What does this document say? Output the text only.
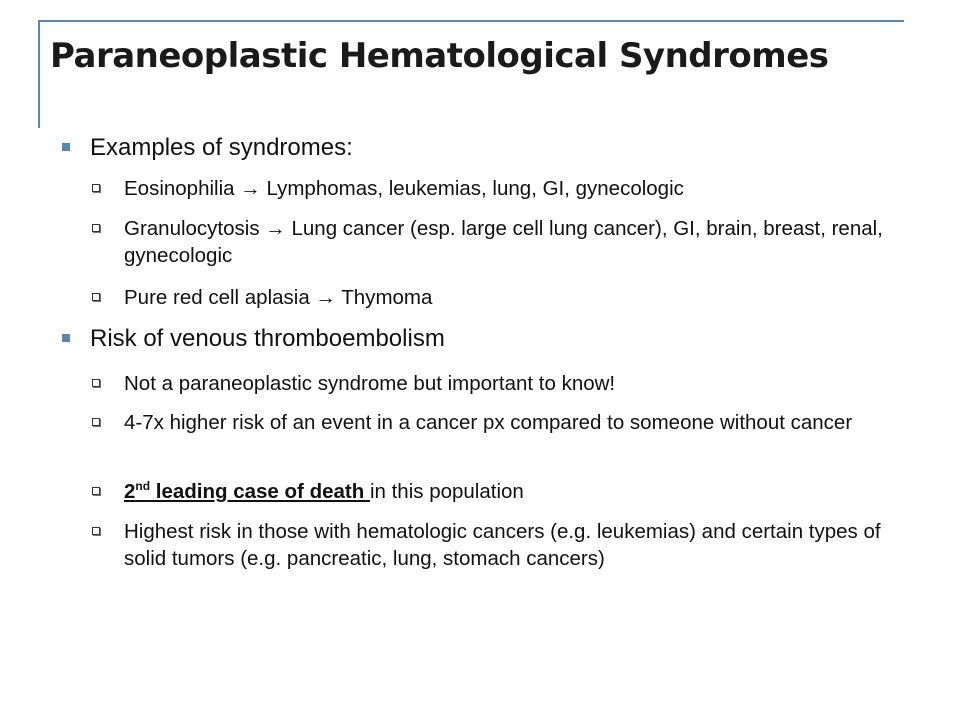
Paraneoplastic Hematological Syndromes
Examples of syndromes:
Eosinophilia → Lymphomas, leukemias, lung, GI, gynecologic
Granulocytosis → Lung cancer (esp. large cell lung cancer), GI, brain, breast, renal, gynecologic
Pure red cell aplasia → Thymoma
Risk of venous thromboembolism
Not a paraneoplastic syndrome but important to know!
4-7x higher risk of an event in a cancer px compared to someone without cancer
2nd leading case of death in this population
Highest risk in those with hematologic cancers (e.g. leukemias) and certain types of solid tumors (e.g. pancreatic, lung, stomach cancers)
